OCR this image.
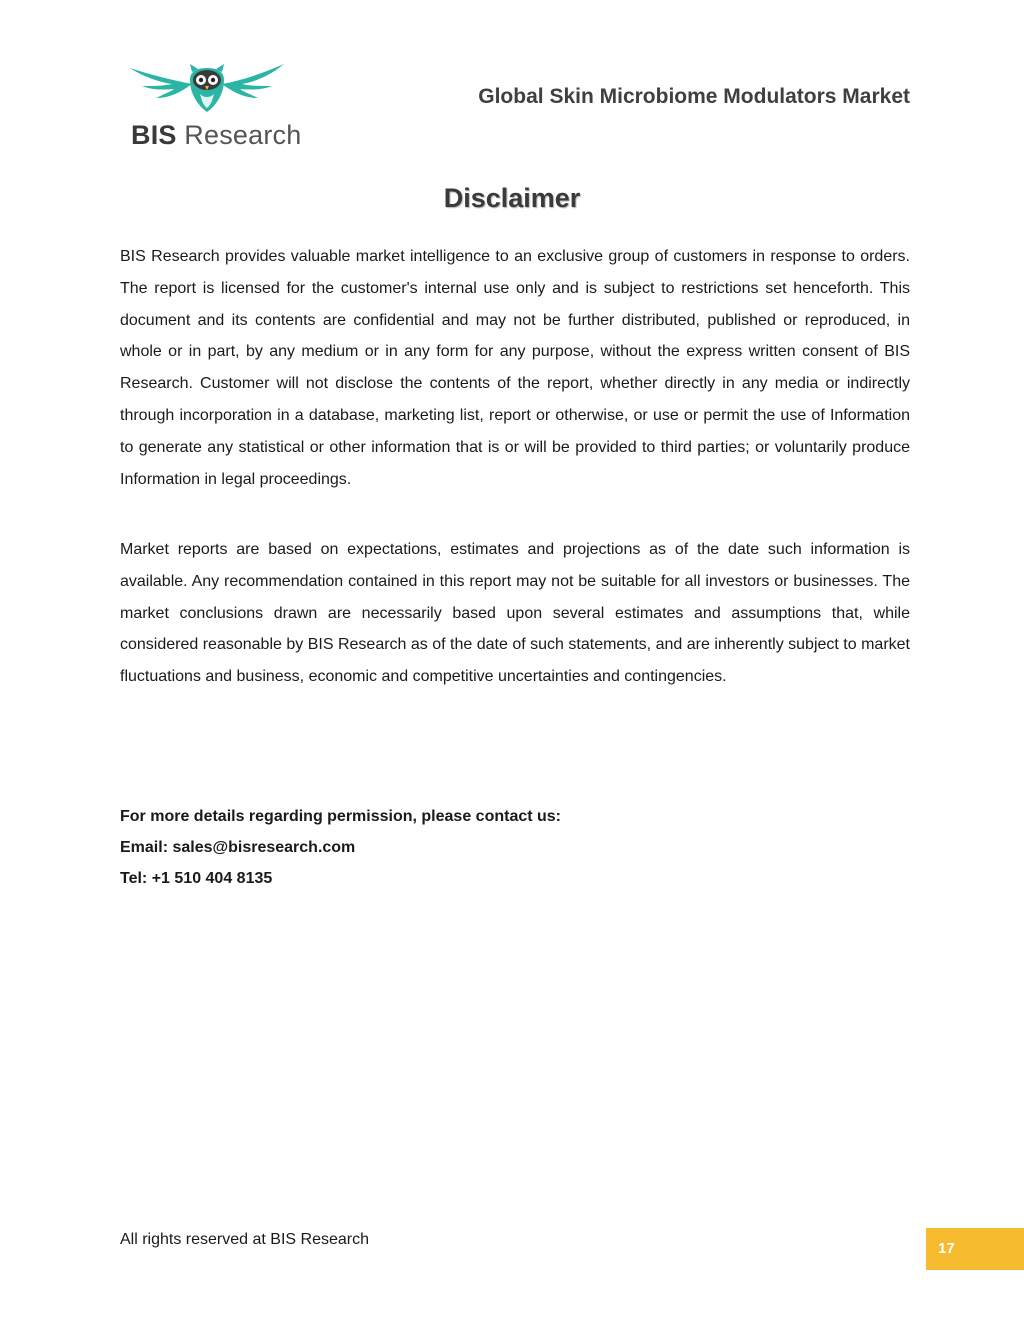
BIS Research
Global Skin Microbiome Modulators Market
Disclaimer

BIS Research provides valuable market intelligence to an exclusive group of customers in response to orders. The report is licensed for the customer's internal use only and is subject to restrictions set henceforth. This document and its contents are confidential and may not be further distributed, published or reproduced, in whole or in part, by any medium or in any form for any purpose, without the express written consent of BIS Research. Customer will not disclose the contents of the report, whether directly in any media or indirectly through incorporation in a database, marketing list, report or otherwise, or use or permit the use of Information to generate any statistical or other information that is or will be provided to third parties; or voluntarily produce Information in legal proceedings.

Market reports are based on expectations, estimates and projections as of the date such information is available. Any recommendation contained in this report may not be suitable for all investors or businesses. The market conclusions drawn are necessarily based upon several estimates and assumptions that, while considered reasonable by BIS Research as of the date of such statements, and are inherently subject to market fluctuations and business, economic and competitive uncertainties and contingencies.

For more details regarding permission, please contact us:
Email: sales@bisresearch.com
Tel: +1 510 404 8135
All rights reserved at BIS Research
17
